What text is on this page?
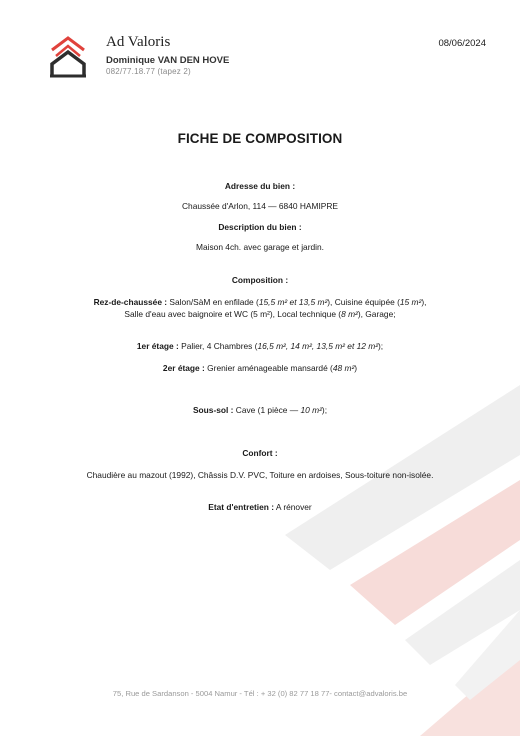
Ad Valoris
Dominique VAN DEN HOVE
082/77.18.77 (tapez 2)
08/06/2024
FICHE DE COMPOSITION
Adresse du bien :
Chaussée d'Arlon, 114 — 6840 HAMIPRE
Description du bien :
Maison 4ch. avec garage et jardin.
Composition :
Rez-de-chaussée : Salon/SàM en enfilade (15,5 m² et 13,5 m²), Cuisine équipée (15 m²),
Salle d'eau avec baignoire et WC (5 m²), Local technique (8 m²), Garage;
1er étage : Palier, 4 Chambres (16,5 m², 14 m², 13,5 m² et 12 m²);
2er étage : Grenier aménageable mansardé (48 m²)
Sous-sol : Cave (1 pièce — 10 m²);
Confort :
Chaudière au mazout (1992), Châssis D.V. PVC, Toiture en ardoises, Sous-toiture non-isolée.
Etat d'entretien : A rénover
75, Rue de Sardanson - 5004 Namur - Tél : + 32 (0) 82 77 18 77- contact@advaloris.be
